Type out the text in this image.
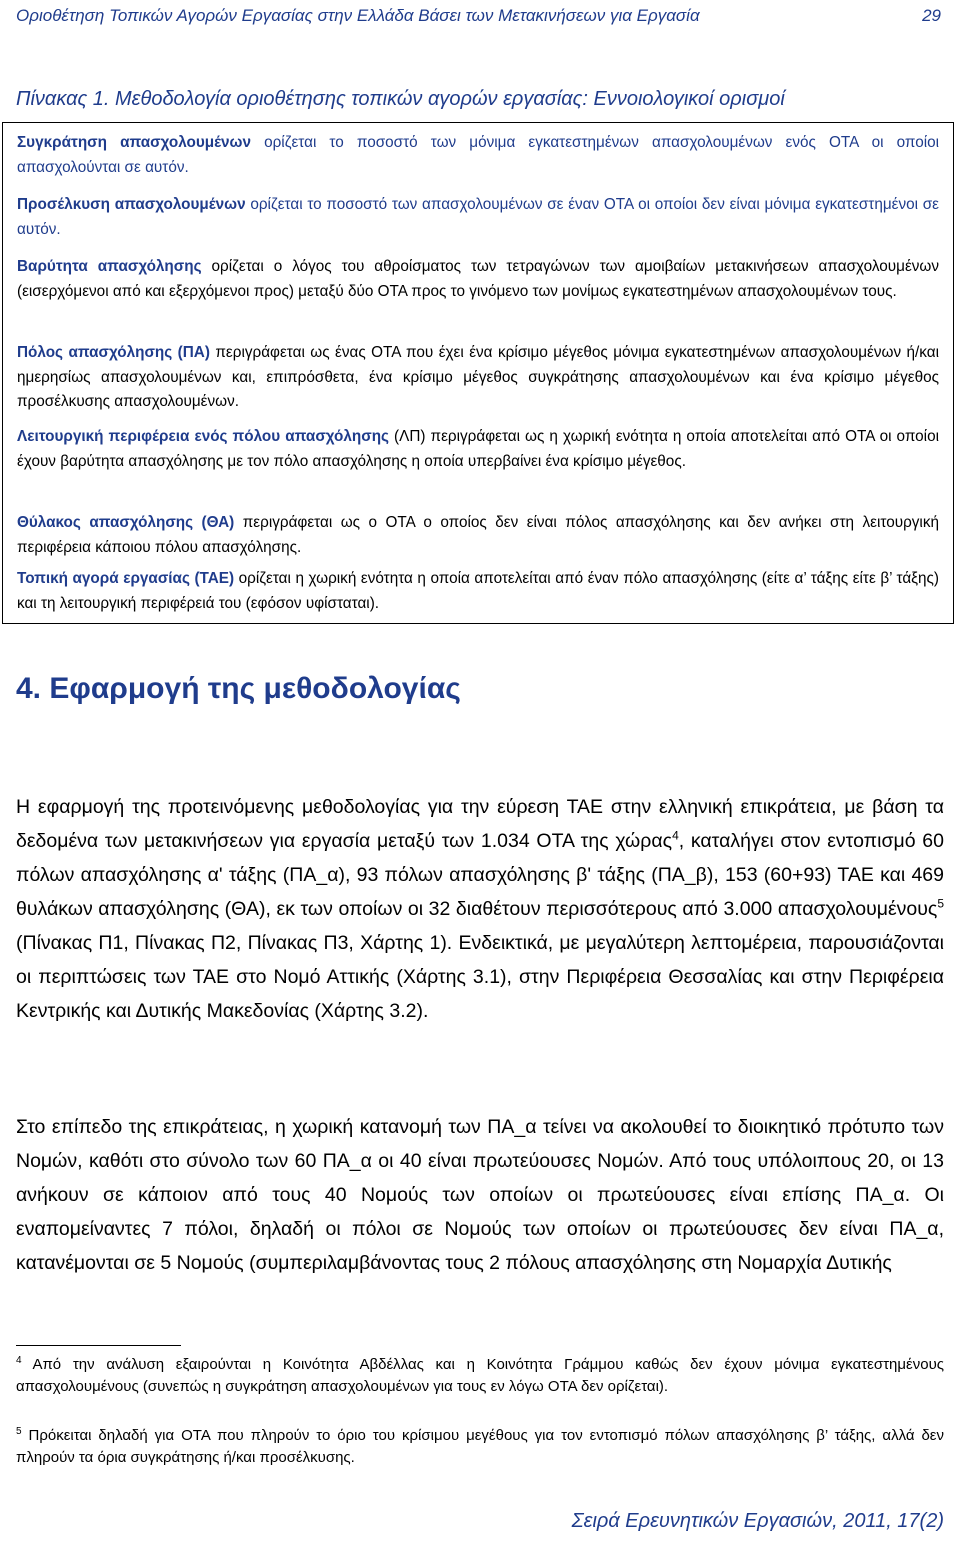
Οριοθέτηση Τοπικών Αγορών Εργασίας στην Ελλάδα Βάσει των Μετακινήσεων για Εργασία	29
Πίνακας 1. Μεθοδολογία οριοθέτησης τοπικών αγορών εργασίας: Εννοιολογικοί ορισμοί
Συγκράτηση απασχολουμένων ορίζεται το ποσοστό των μόνιμα εγκατεστημένων απασχολουμένων ενός ΟΤΑ οι οποίοι απασχολούνται σε αυτόν.
Προσέλκυση απασχολουμένων ορίζεται το ποσοστό των απασχολουμένων σε έναν ΟΤΑ οι οποίοι δεν είναι μόνιμα εγκατεστημένοι σε αυτόν.
Βαρύτητα απασχόλησης ορίζεται ο λόγος του αθροίσματος των τετραγώνων των αμοιβαίων μετακινήσεων απασχολουμένων (εισερχόμενοι από και εξερχόμενοι προς) μεταξύ δύο ΟΤΑ προς το γινόμενο των μονίμως εγκατεστημένων απασχολουμένων τους.
Πόλος απασχόλησης (ΠΑ) περιγράφεται ως ένας ΟΤΑ που έχει ένα κρίσιμο μέγεθος μόνιμα εγκατεστημένων απασχολουμένων ή/και ημερησίως απασχολουμένων και, επιπρόσθετα, ένα κρίσιμο μέγεθος συγκράτησης απασχολουμένων και ένα κρίσιμο μέγεθος προσέλκυσης απασχολουμένων.
Λειτουργική περιφέρεια ενός πόλου απασχόλησης (ΛΠ) περιγράφεται ως η χωρική ενότητα η οποία αποτελείται από ΟΤΑ οι οποίοι έχουν βαρύτητα απασχόλησης με τον πόλο απασχόλησης η οποία υπερβαίνει ένα κρίσιμο μέγεθος.
Θύλακος απασχόλησης (ΘΑ) περιγράφεται ως ο ΟΤΑ ο οποίος δεν είναι πόλος απασχόλησης και δεν ανήκει στη λειτουργική περιφέρεια κάποιου πόλου απασχόλησης.
Τοπική αγορά εργασίας (ΤΑΕ) ορίζεται η χωρική ενότητα η οποία αποτελείται από έναν πόλο απασχόλησης (είτε α’ τάξης είτε β’ τάξης) και τη λειτουργική περιφέρειά του (εφόσον υφίσταται).
4. Εφαρμογή της μεθοδολογίας
Η εφαρμογή της προτεινόμενης μεθοδολογίας για την εύρεση ΤΑΕ στην ελληνική επικράτεια, με βάση τα δεδομένα των μετακινήσεων για εργασία μεταξύ των 1.034 ΟΤΑ της χώρας$^4$, καταλήγει στον εντοπισμό 60 πόλων απασχόλησης α' τάξης (ΠΑ_α), 93 πόλων απασχόλησης β' τάξης (ΠΑ_β), 153 (60+93) ΤΑΕ και 469 θυλάκων απασχόλησης (ΘΑ), εκ των οποίων οι 32 διαθέτουν περισσότερους από 3.000 απασχολουμένους$^5$ (Πίνακας Π1, Πίνακας Π2, Πίνακας Π3, Χάρτης 1). Ενδεικτικά, με μεγαλύτερη λεπτομέρεια, παρουσιάζονται οι περιπτώσεις των ΤΑΕ στο Νομό Αττικής (Χάρτης 3.1), στην Περιφέρεια Θεσσαλίας και στην Περιφέρεια Κεντρικής και Δυτικής Μακεδονίας (Χάρτης 3.2).
Στο επίπεδο της επικράτειας, η χωρική κατανομή των ΠΑ_α τείνει να ακολουθεί το διοικητικό πρότυπο των Νομών, καθότι στο σύνολο των 60 ΠΑ_α οι 40 είναι πρωτεύουσες Νομών. Από τους υπόλοιπους 20, οι 13 ανήκουν σε κάποιον από τους 40 Νομούς των οποίων οι πρωτεύουσες είναι επίσης ΠΑ_α. Οι εναπομείναντες 7 πόλοι, δηλαδή οι πόλοι σε Νομούς των οποίων οι πρωτεύουσες δεν είναι ΠΑ_α, κατανέμονται σε 5 Νομούς (συμπεριλαμβάνοντας τους 2 πόλους απασχόλησης στη Νομαρχία Δυτικής
$^4$ Από την ανάλυση εξαιρούνται η Κοινότητα Αβδέλλας και η Κοινότητα Γράμμου καθώς δεν έχουν μόνιμα εγκατεστημένους απασχολουμένους (συνεπώς η συγκράτηση απασχολουμένων για τους εν λόγω ΟΤΑ δεν ορίζεται).
$^5$ Πρόκειται δηλαδή για ΟΤΑ που πληρούν το όριο του κρίσιμου μεγέθους για τον εντοπισμό πόλων απασχόλησης β’ τάξης, αλλά δεν πληρούν τα όρια συγκράτησης ή/και προσέλκυσης.
Σειρά Ερευνητικών Εργασιών, 2011, 17(2)
